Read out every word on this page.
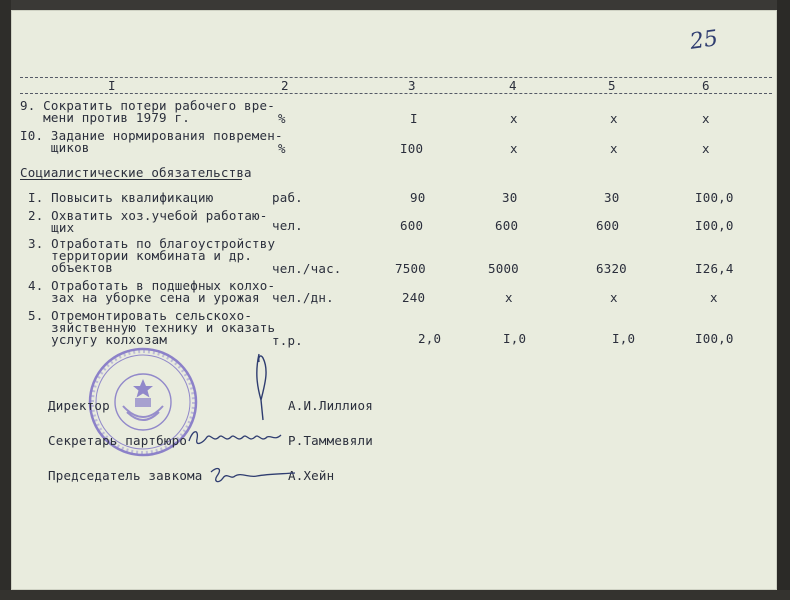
25
I	2	3	4	5	6
9. Сократить потери рабочего вре-
мени против 1979 г.	%	I	x	x	x
I0. Задание нормирования повремен-
щиков	%	I00	x	x	x
Социалистические обязательства
I. Повысить квалификацию	раб.	90	30	30	I00,0
2. Охватить хоз.учебой работаю-
щих	чел.	600	600	600	I00,0
3. Отработать по благоустройству
территории комбината и др.
объектов	чел./час.	7500	5000	6320	I26,4
4. Отработать в подшефных колхо-
зах на уборке сена и урожая чел./дн.	240	x	x	x
5. Отремонтировать сельскохо-
зяйственную технику и оказать
услугу колхозам	т.р.	2,0	I,0	I,0	I00,0
Директор	А.И.Лиллиоя
Секретарь партбюро	Р.Таммевяли
Председатель завкома	А.Хейн
